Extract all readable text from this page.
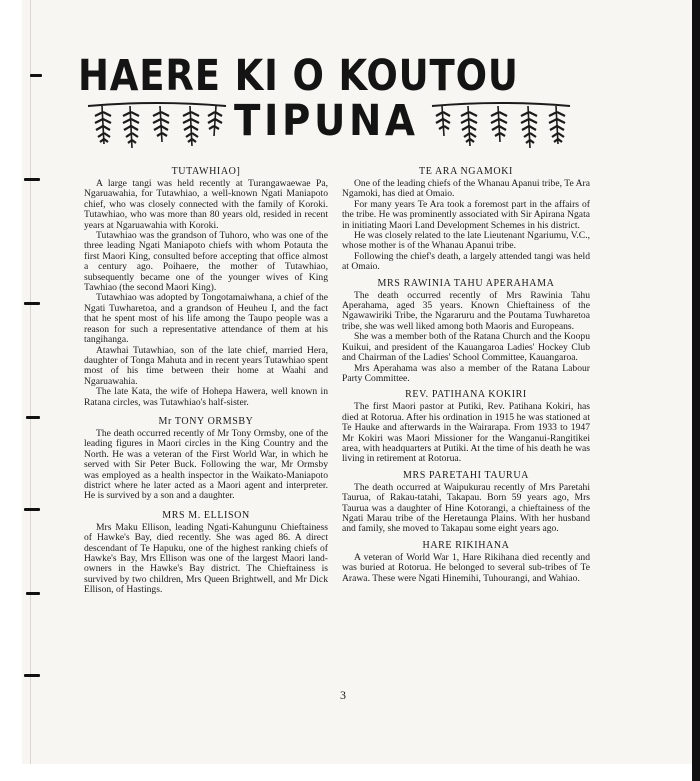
HAERE KI O KOUTOU
TIPUNA
TUTAWHIAO]

A large tangi was held recently at Turangawaewae Pa, Ngaruawahia, for Tutawhiao, a well-known Ngati Maniapoto chief, who was closely connected with the family of Koroki. Tutawhiao, who was more than 80 years old, resided in recent years at Ngaruawahia with Koroki.

Tutawhiao was the grandson of Tuhoro, who was one of the three leading Ngati Maniapoto chiefs with whom Potauta the first Maori King, consulted before accepting that office almost a century ago. Poihaere, the mother of Tutawhiao, subsequently became one of the younger wives of King Tawhiao (the second Maori King).

Tutawhiao was adopted by Tongotamaiwhana, a chief of the Ngati Tuwharetoa, and a grandson of Heuheu I, and the fact that he spent most of his life among the Taupo people was a reason for such a representative attendance of them at his tangihanga.

Atawhai Tutawhiao, son of the late chief, married Hera, daughter of Tonga Mahuta and in recent years Tutawhiao spent most of his time between their home at Waahi and Ngaruawahia.

The late Kata, the wife of Hohepa Hawera, well known in Ratana circles, was Tutawhiao's half-sister.

Mr TONY ORMSBY

The death occurred recently of Mr Tony Ormsby, one of the leading figures in Maori circles in the King Country and the North. He was a veteran of the First World War, in which he served with Sir Peter Buck. Following the war, Mr Ormsby was employed as a health inspector in the Waikato-Maniapoto district where he later acted as a Maori agent and interpreter. He is survived by a son and a daughter.

MRS M. ELLISON

Mrs Maku Ellison, leading Ngati-Kahungunu Chieftainess of Hawke's Bay, died recently. She was aged 86. A direct descendant of Te Hapuku, one of the highest ranking chiefs of Hawke's Bay, Mrs Ellison was one of the largest Maori land-owners in the Hawke's Bay district. The Chieftainess is survived by two children, Mrs Queen Brightwell, and Mr Dick Ellison, of Hastings.

TE ARA NGAMOKI

One of the leading chiefs of the Whanau Apanui tribe, Te Ara Ngamoki, has died at Omaio.

For many years Te Ara took a foremost part in the affairs of the tribe. He was prominently associated with Sir Apirana Ngata in initiating Maori Land Development Schemes in his district.

He was closely related to the late Lieutenant Ngariumu, V.C., whose mother is of the Whanau Apanui tribe.

Following the chief's death, a largely attended tangi was held at Omaio.

MRS RAWINIA TAHU APERAHAMA

The death occurred recently of Mrs Rawinia Tahu Aperahama, aged 35 years. Known Chieftainess of the Ngawawiriki Tribe, the Ngararuru and the Poutama Tuwharetoa tribe, she was well liked among both Maoris and Europeans.

She was a member both of the Ratana Church and the Koopu Kuikui, and president of the Kauangaroa Ladies' Hockey Club and Chairman of the Ladies' School Committee, Kauangaroa.

Mrs Aperahama was also a member of the Ratana Labour Party Committee.

REV. PATIHANA KOKIRI

The first Maori pastor at Putiki, Rev. Patihana Kokiri, has died at Rotorua. After his ordination in 1915 he was stationed at Te Hauke and afterwards in the Wairarapa. From 1933 to 1947 Mr Kokiri was Maori Missioner for the Wanganui-Rangitikei area, with headquarters at Putiki. At the time of his death he was living in retirement at Rotorua.

MRS PARETAHI TAURUA

The death occurred at Waipukurau recently of Mrs Paretahi Taurua, of Rakau-tatahi, Takapau. Born 59 years ago, Mrs Taurua was a daughter of Hine Kotorangi, a chieftainess of the Ngati Marau tribe of the Heretaunga Plains. With her husband and family, she moved to Takapau some eight years ago.

HARE RIKIHANA

A veteran of World War 1, Hare Rikihana died recently and was buried at Rotorua. He belonged to several sub-tribes of Te Arawa. These were Ngati Hinemihi, Tuhourangi, and Wahiao.

3
